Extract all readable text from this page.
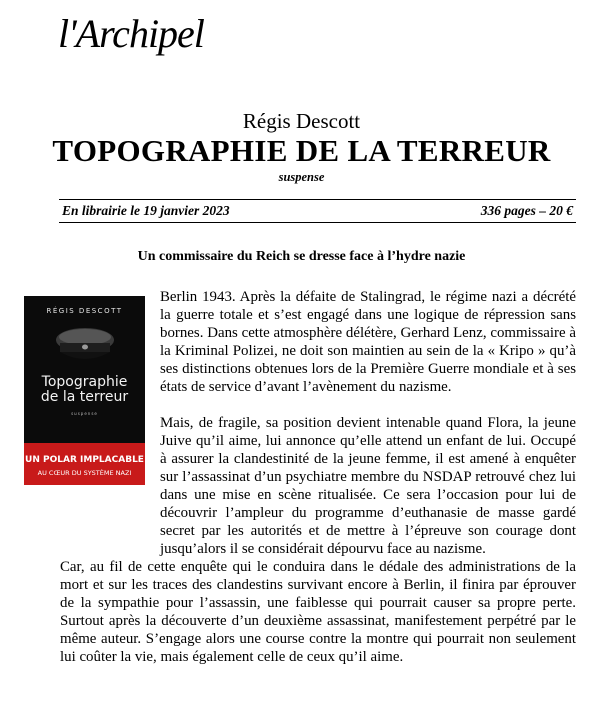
l'Archipel
Régis Descott
TOPOGRAPHIE DE LA TERREUR
suspense
En librairie le 19 janvier 2023	336 pages – 20 €
Un commissaire du Reich se dresse face à l’hydre nazie
RÉGIS DESCOTT
Topographie
de la terreur
suspense
UN POLAR IMPLACABLE
AU CŒUR DU SYSTÈME NAZI

Berlin 1943. Après la défaite de Stalingrad, le régime nazi a décrété la guerre totale et s’est engagé dans une logique de répression sans bornes. Dans cette atmosphère délétère, Gerhard Lenz, commissaire à la Kriminal Polizei, ne doit son maintien au sein de la « Kripo » qu’à ses distinctions obtenues lors de la Première Guerre mondiale et à ses états de service d’avant l’avènement du nazisme.

Mais, de fragile, sa position devient intenable quand Flora, la jeune Juive qu’il aime, lui annonce qu’elle attend un enfant de lui. Occupé à assurer la clandestinité de la jeune femme, il est amené à enquêter sur l’assassinat d’un psychiatre membre du NSDAP retrouvé chez lui dans une mise en scène ritualisée. Ce sera l’occasion pour lui de découvrir l’ampleur du programme d’euthanasie de masse gardé secret par les autorités et de mettre à l’épreuve son courage dont jusqu’alors il se considérait dépourvu face au nazisme.

Car, au fil de cette enquête qui le conduira dans le dédale des administrations de la mort et sur les traces des clandestins survivant encore à Berlin, il finira par éprouver de la sympathie pour l’assassin, une faiblesse qui pourrait causer sa propre perte. Surtout après la découverte d’un deuxième assassinat, manifestement perpétré par le même auteur. S’engage alors une course contre la montre qui pourrait non seulement lui coûter la vie, mais également celle de ceux qu’il aime.
